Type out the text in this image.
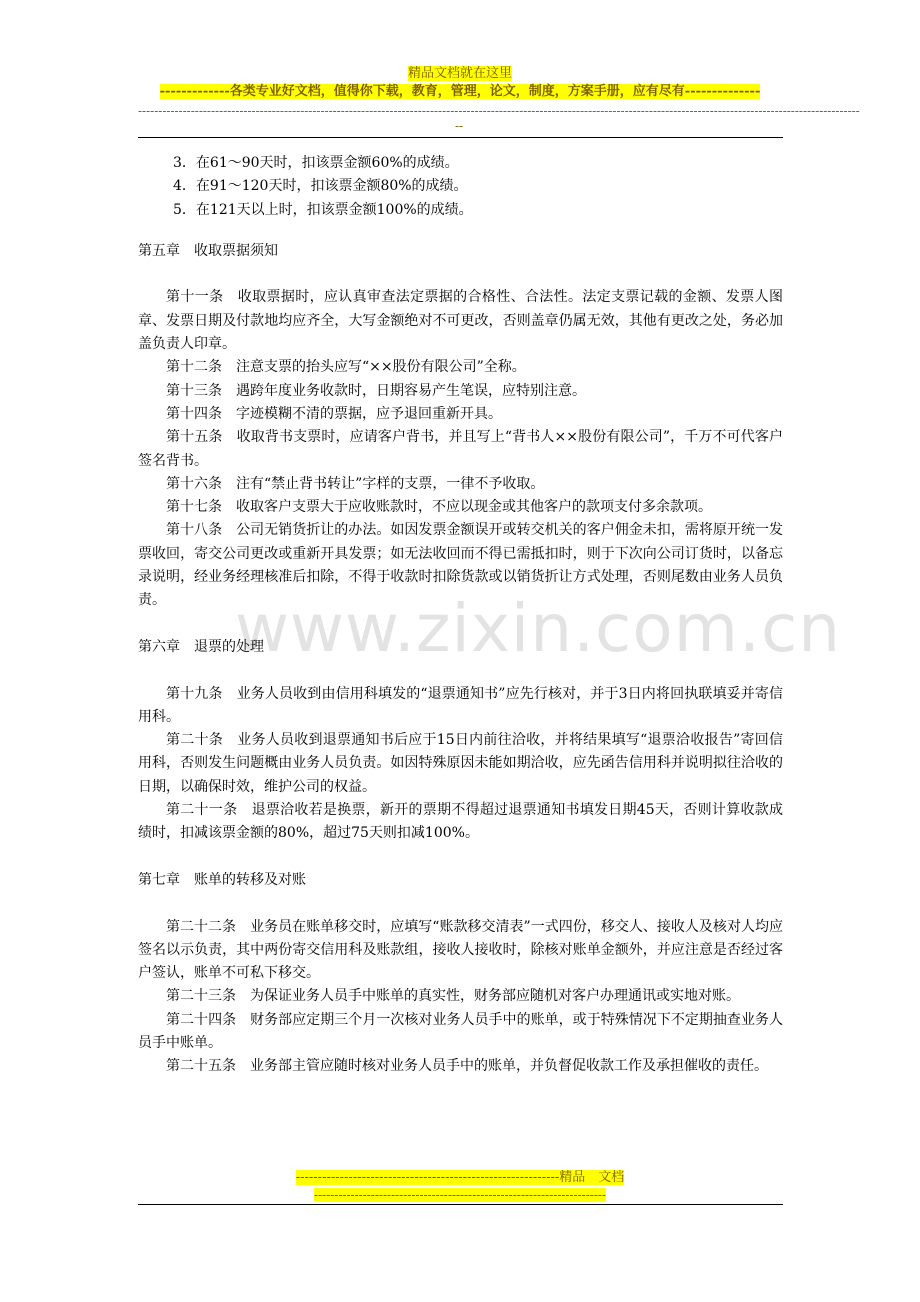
www.zixin.com.cn
精品文档就在这里
-------------各类专业好文档，值得你下载，教育，管理，论文，制度，方案手册，应有尽有--------------
----------------------------------------------------------------------------------------------------------------------------------------------------------------------------------
--

3．在61～90天时，扣该票金额60%的成绩。

4．在91～120天时，扣该票金额80%的成绩。

5．在121天以上时，扣该票金额100%的成绩。

第五章　收取票据须知

第十一条　收取票据时，应认真审查法定票据的合格性、合法性。法定支票记载的金额、发票人图章、发票日期及付款地均应齐全，大写金额绝对不可更改，否则盖章仍属无效，其他有更改之处，务必加盖负责人印章。

第十二条　注意支票的抬头应写“××股份有限公司”全称。

第十三条　遇跨年度业务收款时，日期容易产生笔误，应特别注意。

第十四条　字迹模糊不清的票据，应予退回重新开具。

第十五条　收取背书支票时，应请客户背书，并且写上“背书人××股份有限公司”，千万不可代客户签名背书。

第十六条　注有“禁止背书转让”字样的支票，一律不予收取。

第十七条　收取客户支票大于应收账款时，不应以现金或其他客户的款项支付多余款项。

第十八条　公司无销货折让的办法。如因发票金额误开或转交机关的客户佣金未扣，需将原开统一发票收回，寄交公司更改或重新开具发票；如无法收回而不得已需抵扣时，则于下次向公司订货时，以备忘录说明，经业务经理核准后扣除，不得于收款时扣除货款或以销货折让方式处理，否则尾数由业务人员负责。

第六章　退票的处理

第十九条　业务人员收到由信用科填发的“退票通知书”应先行核对，并于3日内将回执联填妥并寄信用科。

第二十条　业务人员收到退票通知书后应于15日内前往洽收，并将结果填写“退票洽收报告”寄回信用科，否则发生问题概由业务人员负责。如因特殊原因未能如期洽收，应先函告信用科并说明拟往洽收的日期，以确保时效，维护公司的权益。

第二十一条　退票洽收若是换票，新开的票期不得超过退票通知书填发日期45天，否则计算收款成绩时，扣减该票金额的80%，超过75天则扣减100%。

第七章　账单的转移及对账

第二十二条　业务员在账单移交时，应填写“账款移交清表”一式四份，移交人、接收人及核对人均应签名以示负责，其中两份寄交信用科及账款组，接收人接收时，除核对账单金额外，并应注意是否经过客户签认，账单不可私下移交。

第二十三条　为保证业务人员手中账单的真实性，财务部应随机对客户办理通讯或实地对账。

第二十四条　财务部应定期三个月一次核对业务人员手中的账单，或于特殊情况下不定期抽查业务人员手中账单。

第二十五条　业务部主管应随时核对业务人员手中的账单，并负督促收款工作及承担催收的责任。

------------------------------------------------------------精品　文档
------------------------------------------------------------------------
